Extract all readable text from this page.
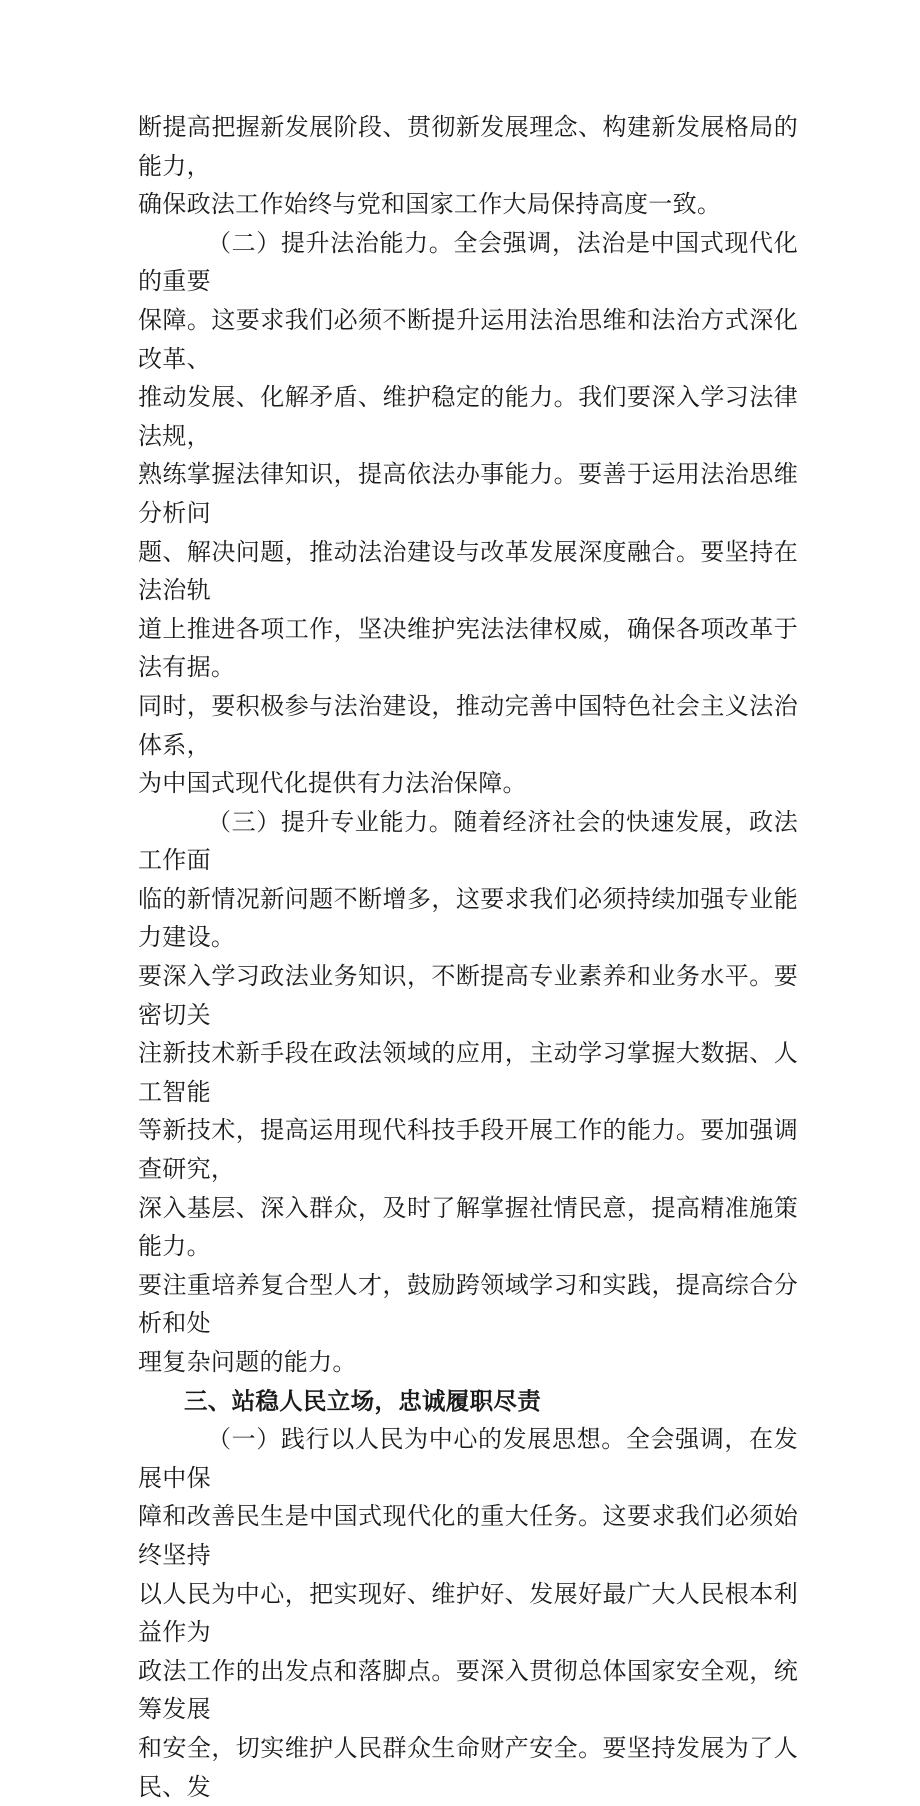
断提高把握新发展阶段、贯彻新发展理念、构建新发展格局的能力，
确保政法工作始终与党和国家工作大局保持高度一致。

（二）提升法治能力。全会强调，法治是中国式现代化的重要
保障。这要求我们必须不断提升运用法治思维和法治方式深化改革、
推动发展、化解矛盾、维护稳定的能力。我们要深入学习法律法规，
熟练掌握法律知识，提高依法办事能力。要善于运用法治思维分析问
题、解决问题，推动法治建设与改革发展深度融合。要坚持在法治轨
道上推进各项工作，坚决维护宪法法律权威，确保各项改革于法有据。
同时，要积极参与法治建设，推动完善中国特色社会主义法治体系，
为中国式现代化提供有力法治保障。

（三）提升专业能力。随着经济社会的快速发展，政法工作面
临的新情况新问题不断增多，这要求我们必须持续加强专业能力建设。
要深入学习政法业务知识，不断提高专业素养和业务水平。要密切关
注新技术新手段在政法领域的应用，主动学习掌握大数据、人工智能
等新技术，提高运用现代科技手段开展工作的能力。要加强调查研究，
深入基层、深入群众，及时了解掌握社情民意，提高精准施策能力。
要注重培养复合型人才，鼓励跨领域学习和实践，提高综合分析和处
理复杂问题的能力。

三、站稳人民立场，忠诚履职尽责

（一）践行以人民为中心的发展思想。全会强调，在发展中保
障和改善民生是中国式现代化的重大任务。这要求我们必须始终坚持
以人民为中心，把实现好、维护好、发展好最广大人民根本利益作为
政法工作的出发点和落脚点。要深入贯彻总体国家安全观，统筹发展
和安全，切实维护人民群众生命财产安全。要坚持发展为了人民、发
